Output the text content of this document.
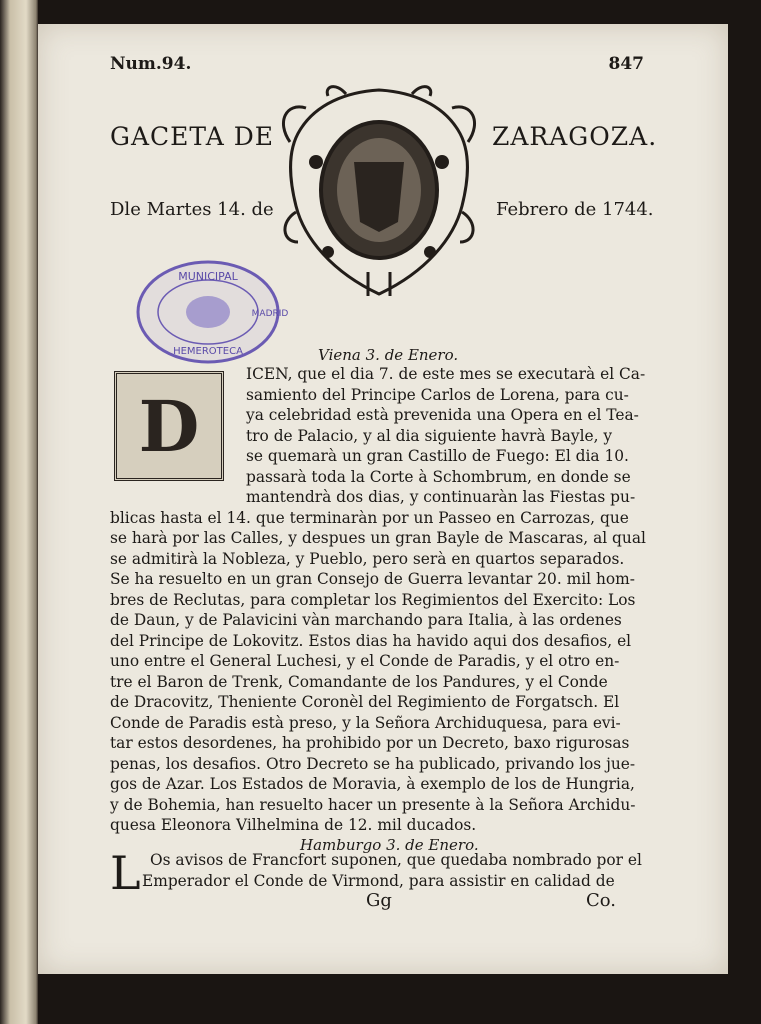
Num.94.	847
GACETA DE	ZARAGOZA.
Dle Martes 14. de	Febrero de 1744.
MUNICIPAL
HEMEROTECA
MADRID
Viena 3. de Enero.
D
ICEN, que el dia 7. de este mes se executarà el Ca-
samiento del Principe Carlos de Lorena, para cu-
ya celebridad està prevenida una Opera en el Tea-
tro de Palacio, y al dia siguiente havrà Bayle, y
se quemarà un gran Castillo de Fuego: El dia 10.
passarà toda la Corte à Schombrum, en donde se
mantendrà dos dias, y continuaràn las Fiestas pu-
blicas hasta el 14. que terminaràn por un Passeo en Carrozas, que
se harà por las Calles, y despues un gran Bayle de Mascaras, al qual
se admitirà la Nobleza, y Pueblo, pero serà en quartos separados.
Se ha resuelto en un gran Consejo de Guerra levantar 20. mil hom-
bres de Reclutas, para completar los Regimientos del Exercito: Los
de Daun, y de Palavicini vàn marchando para Italia, à las ordenes
del Principe de Lokovitz. Estos dias ha havido aqui dos desafios, el
uno entre el General Luchesi, y el Conde de Paradis, y el otro en-
tre el Baron de Trenk, Comandante de los Pandures, y el Conde
de Dracovitz, Theniente Coronèl del Regimiento de Forgatsch. El
Conde de Paradis està preso, y la Señora Archiduquesa, para evi-
tar estos desordenes, ha prohibido por un Decreto, baxo rigurosas
penas, los desafios. Otro Decreto se ha publicado, privando los jue-
gos de Azar. Los Estados de Moravia, à exemplo de los de Hungria,
y de Bohemia, han resuelto hacer un presente à la Señora Archidu-
quesa Eleonora Vilhelmina de 12. mil ducados.
Hamburgo 3. de Enero.
L Os avisos de Francfort suponen, que quedaba nombrado por el
Emperador el Conde de Virmond, para assistir en calidad de
Gg	Co.
